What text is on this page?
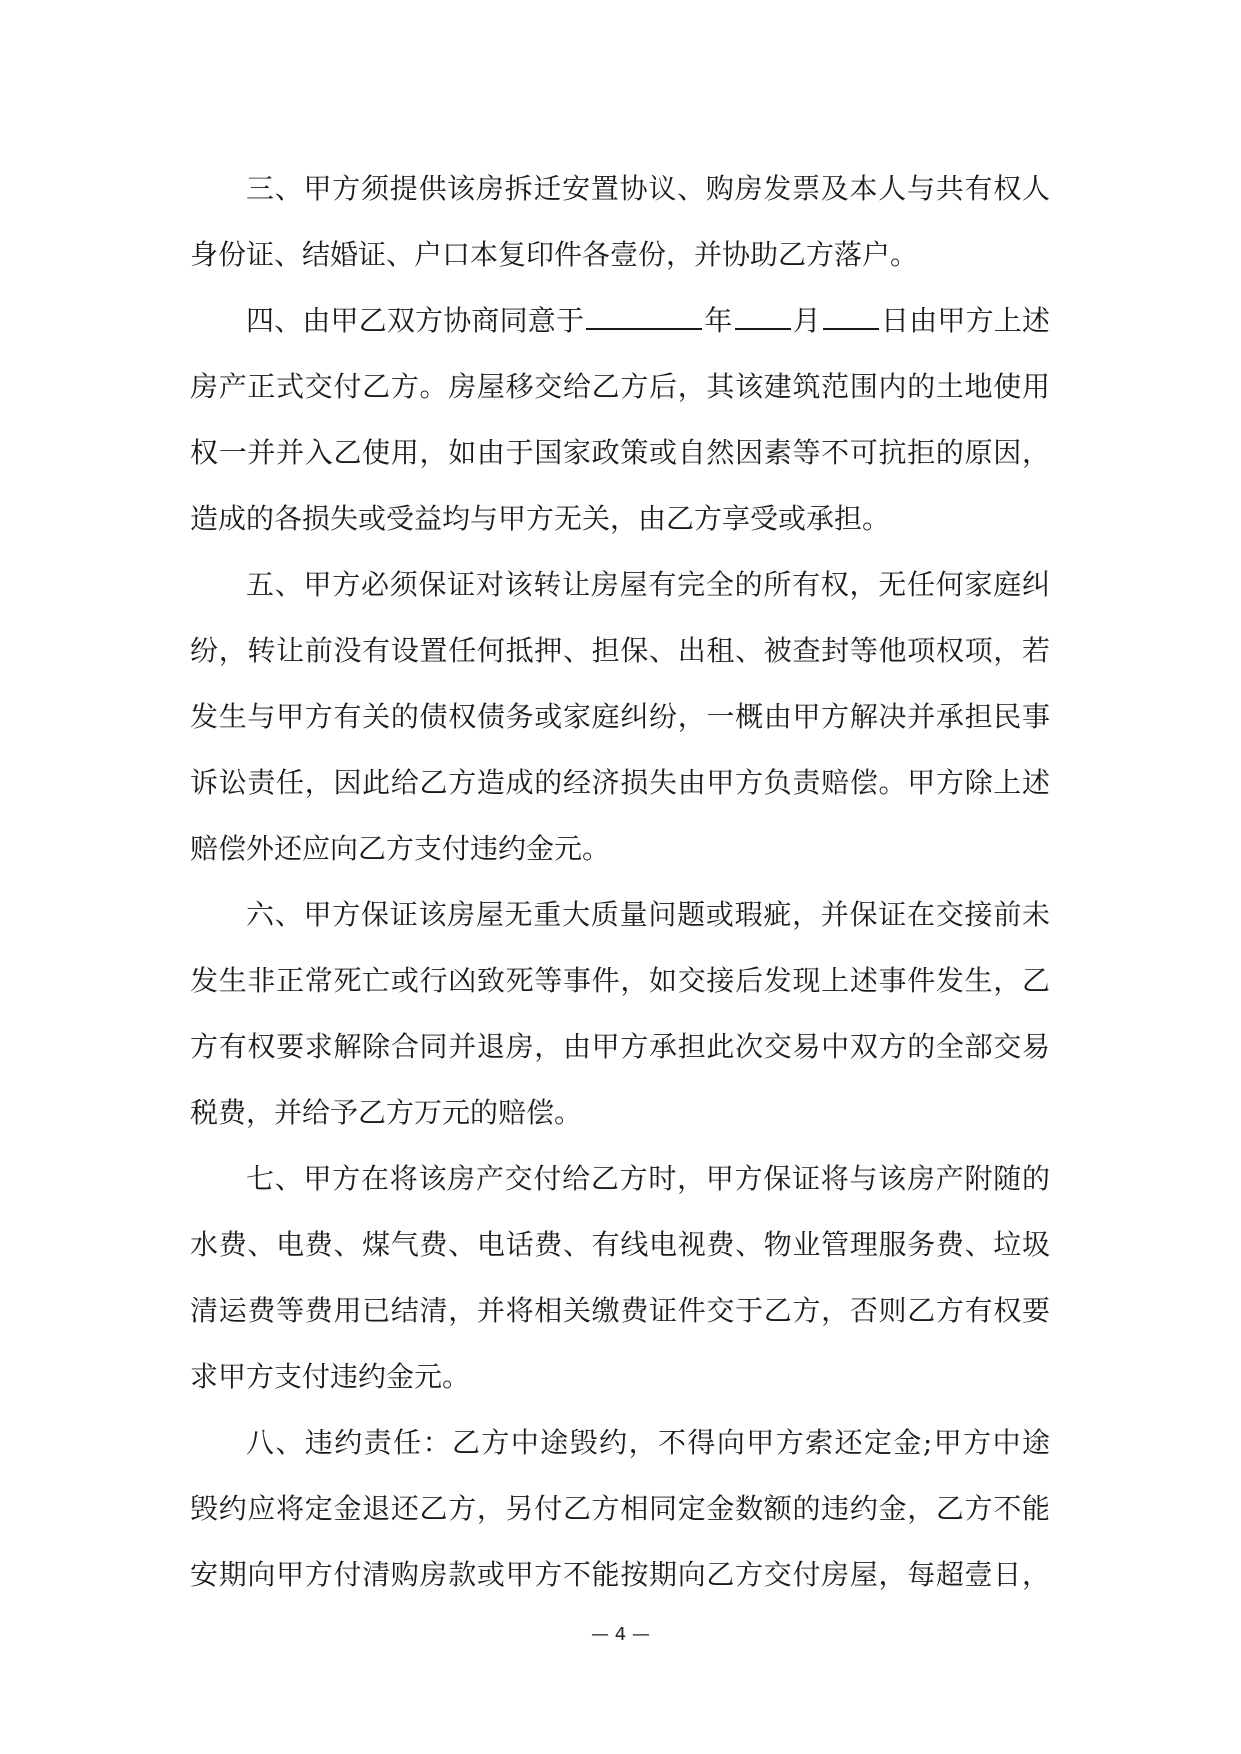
三、甲方须提供该房拆迁安置协议、购房发票及本人与共有权人
身份证、结婚证、户口本复印件各壹份，并协助乙方落户。
四、由甲乙双方协商同意于	年 月 日由甲方上述
房产正式交付乙方。房屋移交给乙方后，其该建筑范围内的土地使用
权一并并入乙使用，如由于国家政策或自然因素等不可抗拒的原因，
造成的各损失或受益均与甲方无关，由乙方享受或承担。
五、甲方必须保证对该转让房屋有完全的所有权，无任何家庭纠
纷，转让前没有设置任何抵押、担保、出租、被查封等他项权项，若
发生与甲方有关的债权债务或家庭纠纷，一概由甲方解决并承担民事
诉讼责任，因此给乙方造成的经济损失由甲方负责赔偿。甲方除上述
赔偿外还应向乙方支付违约金元。
六、甲方保证该房屋无重大质量问题或瑕疵，并保证在交接前未
发生非正常死亡或行凶致死等事件，如交接后发现上述事件发生，乙
方有权要求解除合同并退房，由甲方承担此次交易中双方的全部交易
税费，并给予乙方万元的赔偿。
七、甲方在将该房产交付给乙方时，甲方保证将与该房产附随的
水费、电费、煤气费、电话费、有线电视费、物业管理服务费、垃圾
清运费等费用已结清，并将相关缴费证件交于乙方，否则乙方有权要
求甲方支付违约金元。
八、违约责任：乙方中途毁约，不得向甲方索还定金;甲方中途
毁约应将定金退还乙方，另付乙方相同定金数额的违约金，乙方不能
安期向甲方付清购房款或甲方不能按期向乙方交付房屋，每超壹日，
— 4 —
